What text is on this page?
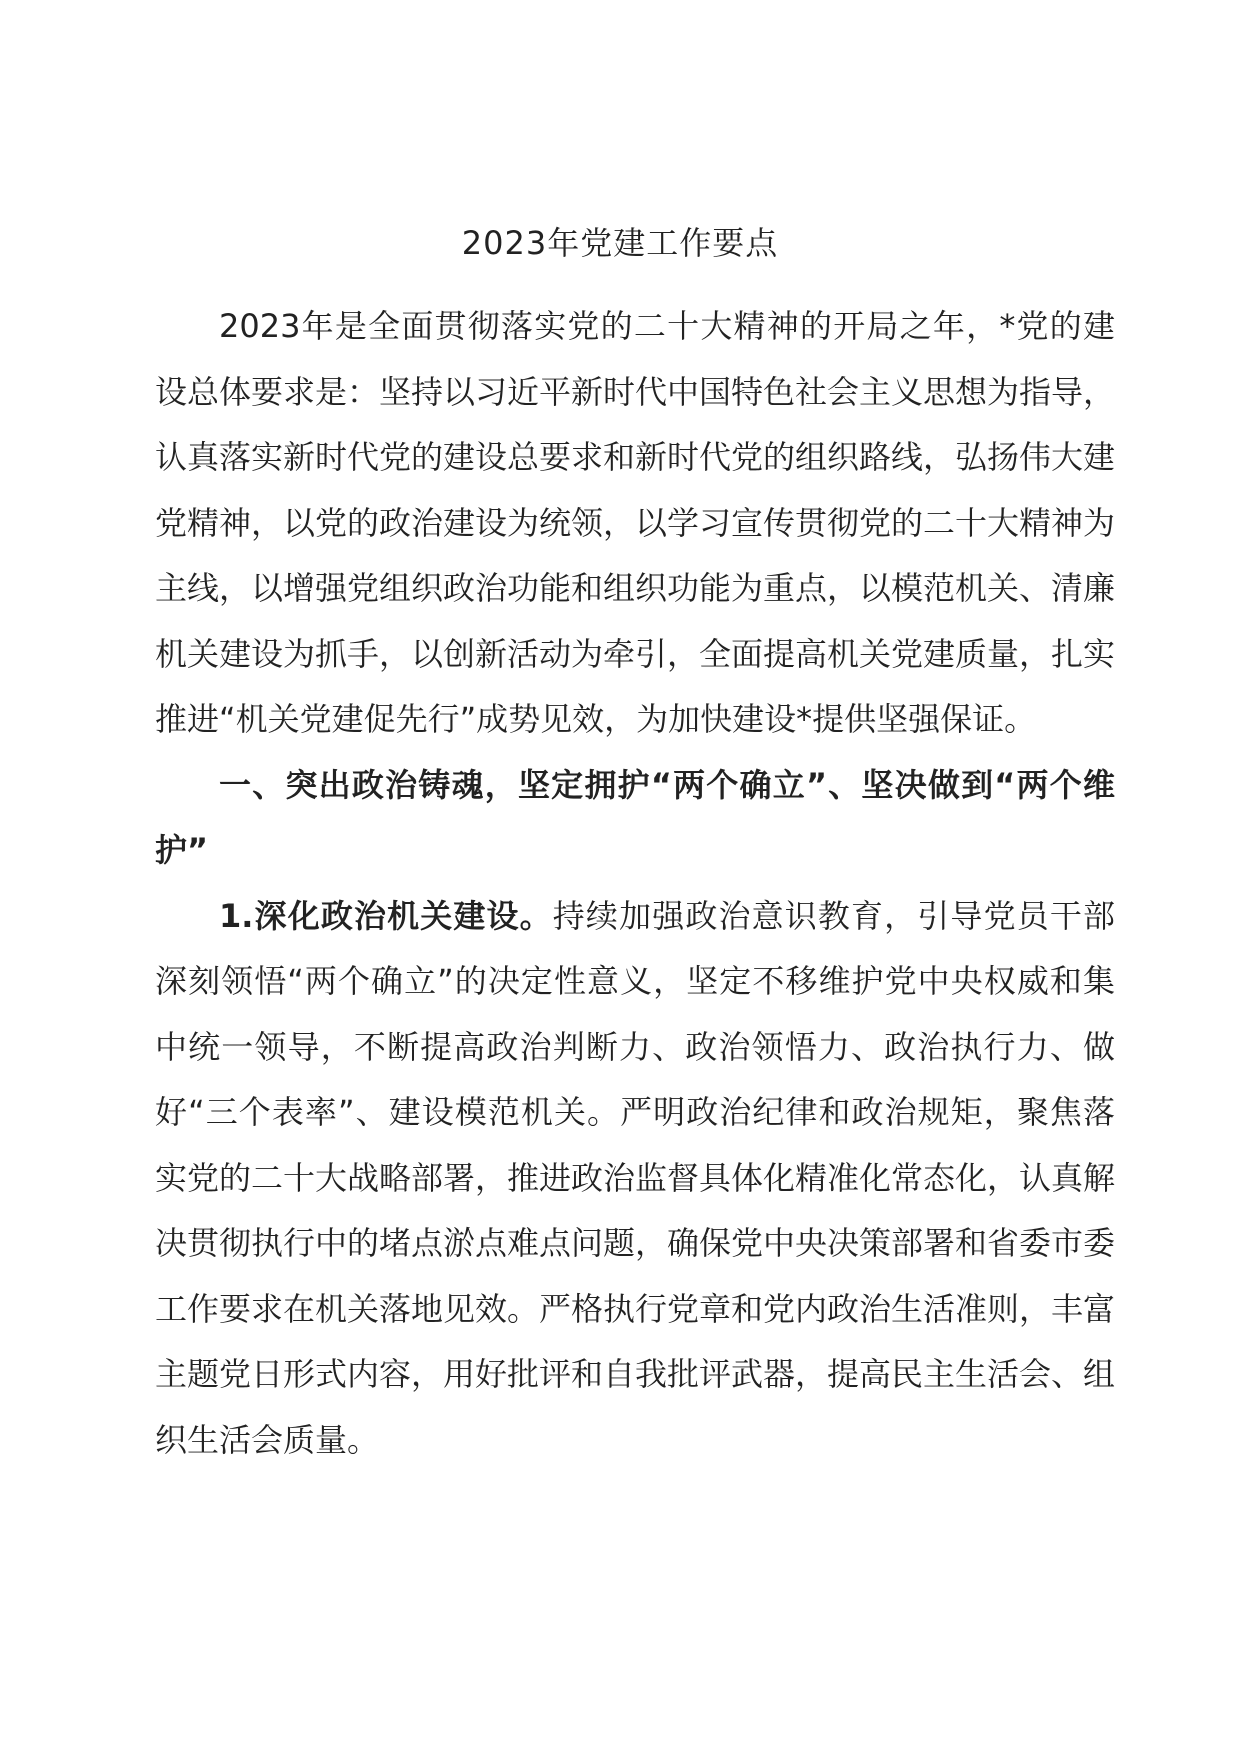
2023年党建工作要点

2023年是全面贯彻落实党的二十大精神的开局之年，*党的建设总体要求是：坚持以习近平新时代中国特色社会主义思想为指导，认真落实新时代党的建设总要求和新时代党的组织路线，弘扬伟大建党精神，以党的政治建设为统领，以学习宣传贯彻党的二十大精神为主线，以增强党组织政治功能和组织功能为重点，以模范机关、清廉机关建设为抓手，以创新活动为牵引，全面提高机关党建质量，扎实推进“机关党建促先行”成势见效，为加快建设*提供坚强保证。

一、突出政治铸魂，坚定拥护“两个确立”、坚决做到“两个维护”

1.深化政治机关建设。持续加强政治意识教育，引导党员干部深刻领悟“两个确立”的决定性意义，坚定不移维护党中央权威和集中统一领导，不断提高政治判断力、政治领悟力、政治执行力、做好“三个表率”、建设模范机关。严明政治纪律和政治规矩，聚焦落实党的二十大战略部署，推进政治监督具体化精准化常态化，认真解决贯彻执行中的堵点淤点难点问题，确保党中央决策部署和省委市委工作要求在机关落地见效。严格执行党章和党内政治生活准则，丰富主题党日形式内容，用好批评和自我批评武器，提高民主生活会、组织生活会质量。
